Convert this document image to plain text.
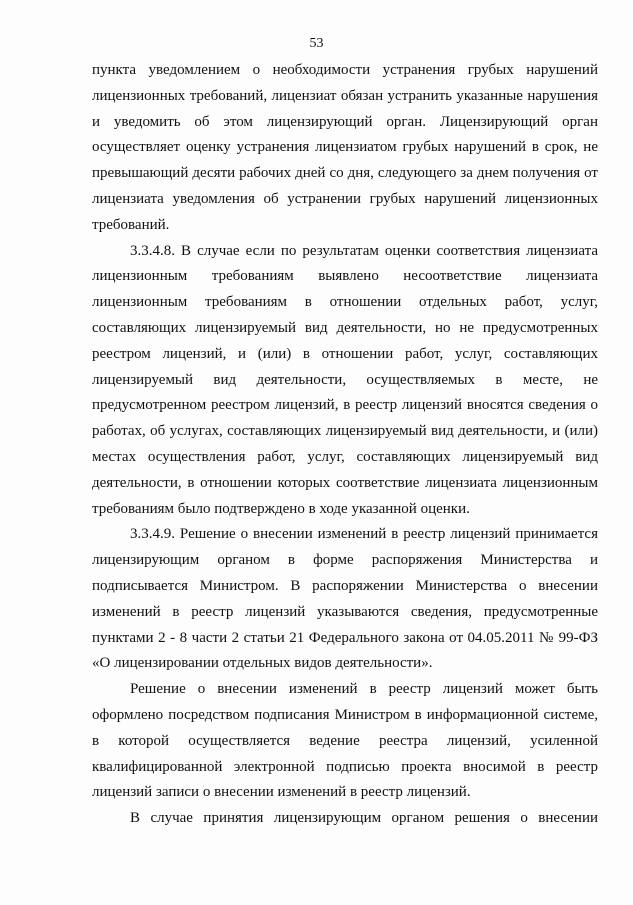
53

пункта уведомлением о необходимости устранения грубых нарушений лицензионных требований, лицензиат обязан устранить указанные нарушения и уведомить об этом лицензирующий орган. Лицензирующий орган осуществляет оценку устранения лицензиатом грубых нарушений в срок, не превышающий десяти рабочих дней со дня, следующего за днем получения от лицензиата уведомления об устранении грубых нарушений лицензионных требований.

3.3.4.8. В случае если по результатам оценки соответствия лицензиата лицензионным требованиям выявлено несоответствие лицензиата лицензионным требованиям в отношении отдельных работ, услуг, составляющих лицензируемый вид деятельности, но не предусмотренных реестром лицензий, и (или) в отношении работ, услуг, составляющих лицензируемый вид деятельности, осуществляемых в месте, не предусмотренном реестром лицензий, в реестр лицензий вносятся сведения о работах, об услугах, составляющих лицензируемый вид деятельности, и (или) местах осуществления работ, услуг, составляющих лицензируемый вид деятельности, в отношении которых соответствие лицензиата лицензионным требованиям было подтверждено в ходе указанной оценки.

3.3.4.9. Решение о внесении изменений в реестр лицензий принимается лицензирующим органом в форме распоряжения Министерства и подписывается Министром. В распоряжении Министерства о внесении изменений в реестр лицензий указываются сведения, предусмотренные пунктами 2 - 8 части 2 статьи 21 Федерального закона от 04.05.2011 № 99-ФЗ «О лицензировании отдельных видов деятельности».

Решение о внесении изменений в реестр лицензий может быть оформлено посредством подписания Министром в информационной системе, в которой осуществляется ведение реестра лицензий, усиленной квалифицированной электронной подписью проекта вносимой в реестр лицензий записи о внесении изменений в реестр лицензий.

В случае принятия лицензирующим органом решения о внесении
